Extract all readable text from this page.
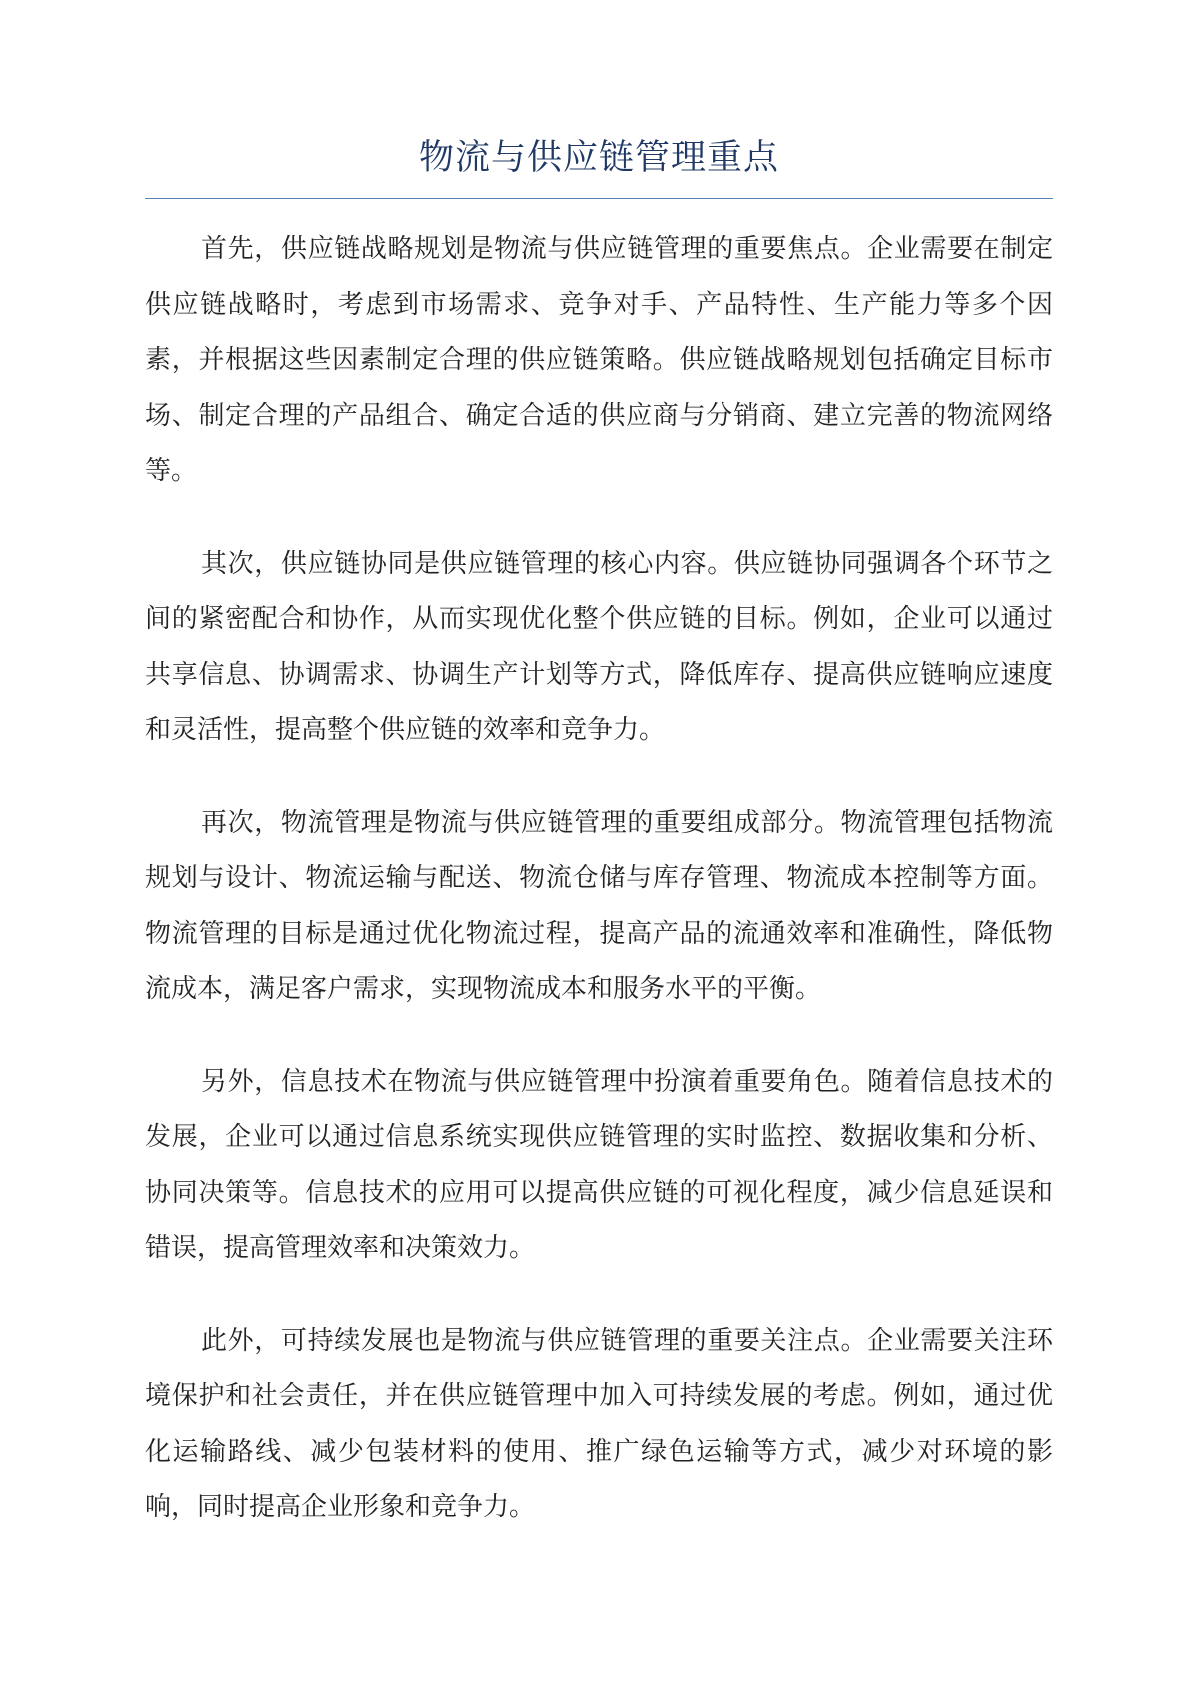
物流与供应链管理重点

首先，供应链战略规划是物流与供应链管理的重要焦点。企业需要在制定供应链战略时，考虑到市场需求、竞争对手、产品特性、生产能力等多个因素，并根据这些因素制定合理的供应链策略。供应链战略规划包括确定目标市场、制定合理的产品组合、确定合适的供应商与分销商、建立完善的物流网络等。

其次，供应链协同是供应链管理的核心内容。供应链协同强调各个环节之间的紧密配合和协作，从而实现优化整个供应链的目标。例如，企业可以通过共享信息、协调需求、协调生产计划等方式，降低库存、提高供应链响应速度和灵活性，提高整个供应链的效率和竞争力。

再次，物流管理是物流与供应链管理的重要组成部分。物流管理包括物流规划与设计、物流运输与配送、物流仓储与库存管理、物流成本控制等方面。物流管理的目标是通过优化物流过程，提高产品的流通效率和准确性，降低物流成本，满足客户需求，实现物流成本和服务水平的平衡。

另外，信息技术在物流与供应链管理中扮演着重要角色。随着信息技术的发展，企业可以通过信息系统实现供应链管理的实时监控、数据收集和分析、协同决策等。信息技术的应用可以提高供应链的可视化程度，减少信息延误和错误，提高管理效率和决策效力。

此外，可持续发展也是物流与供应链管理的重要关注点。企业需要关注环境保护和社会责任，并在供应链管理中加入可持续发展的考虑。例如，通过优化运输路线、减少包装材料的使用、推广绿色运输等方式，减少对环境的影响，同时提高企业形象和竞争力。
